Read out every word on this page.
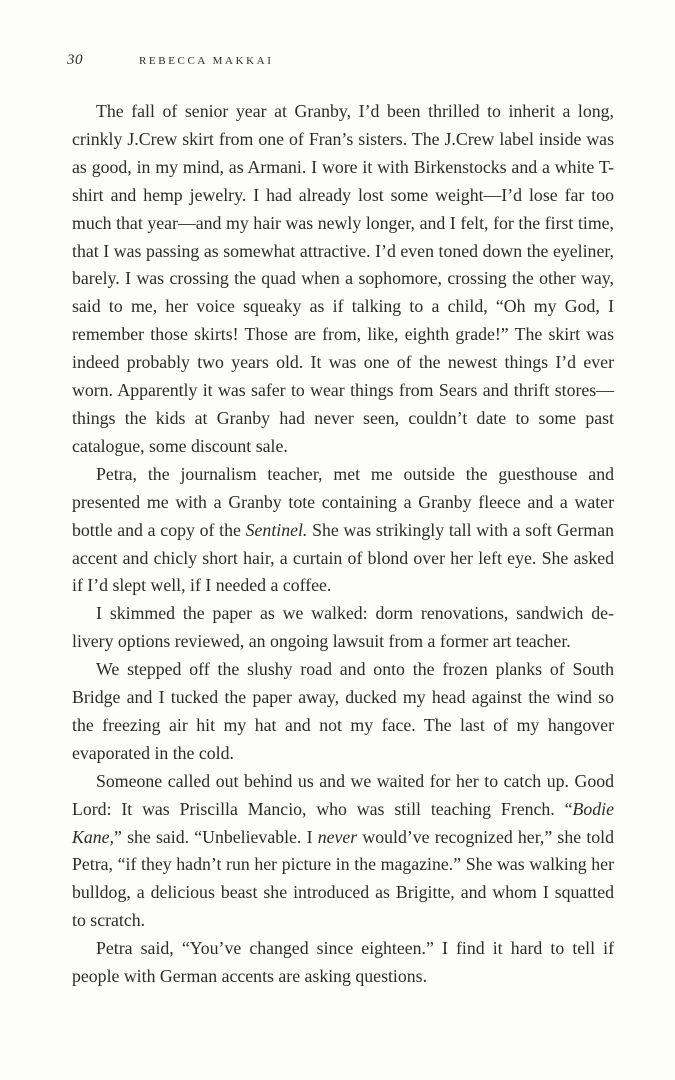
30	REBECCA MAKKAI

The fall of senior year at Granby, I’d been thrilled to inherit a long, crinkly J.Crew skirt from one of Fran’s sisters. The J.Crew label inside was as good, in my mind, as Armani. I wore it with Birkenstocks and a white T-shirt and hemp jewelry. I had already lost some weight—I’d lose far too much that year—and my hair was newly longer, and I felt, for the first time, that I was passing as somewhat attractive. I’d even toned down the eyeliner, barely. I was crossing the quad when a sophomore, crossing the other way, said to me, her voice squeaky as if talking to a child, “Oh my God, I remember those skirts! Those are from, like, eighth grade!” The skirt was indeed probably two years old. It was one of the newest things I’d ever worn. Apparently it was safer to wear things from Sears and thrift stores—things the kids at Granby had never seen, couldn’t date to some past catalogue, some discount sale.

Petra, the journalism teacher, met me outside the guesthouse and presented me with a Granby tote containing a Granby fleece and a water bottle and a copy of the Sentinel. She was strikingly tall with a soft German accent and chicly short hair, a curtain of blond over her left eye. She asked if I’d slept well, if I needed a coffee.

I skimmed the paper as we walked: dorm renovations, sandwich delivery options reviewed, an ongoing lawsuit from a former art teacher.

We stepped off the slushy road and onto the frozen planks of South Bridge and I tucked the paper away, ducked my head against the wind so the freezing air hit my hat and not my face. The last of my hangover evaporated in the cold.

Someone called out behind us and we waited for her to catch up. Good Lord: It was Priscilla Mancio, who was still teaching French. “Bodie Kane,” she said. “Unbelievable. I never would’ve recognized her,” she told Petra, “if they hadn’t run her picture in the magazine.” She was walking her bulldog, a delicious beast she introduced as Brigitte, and whom I squatted to scratch.

Petra said, “You’ve changed since eighteen.” I find it hard to tell if people with German accents are asking questions.
